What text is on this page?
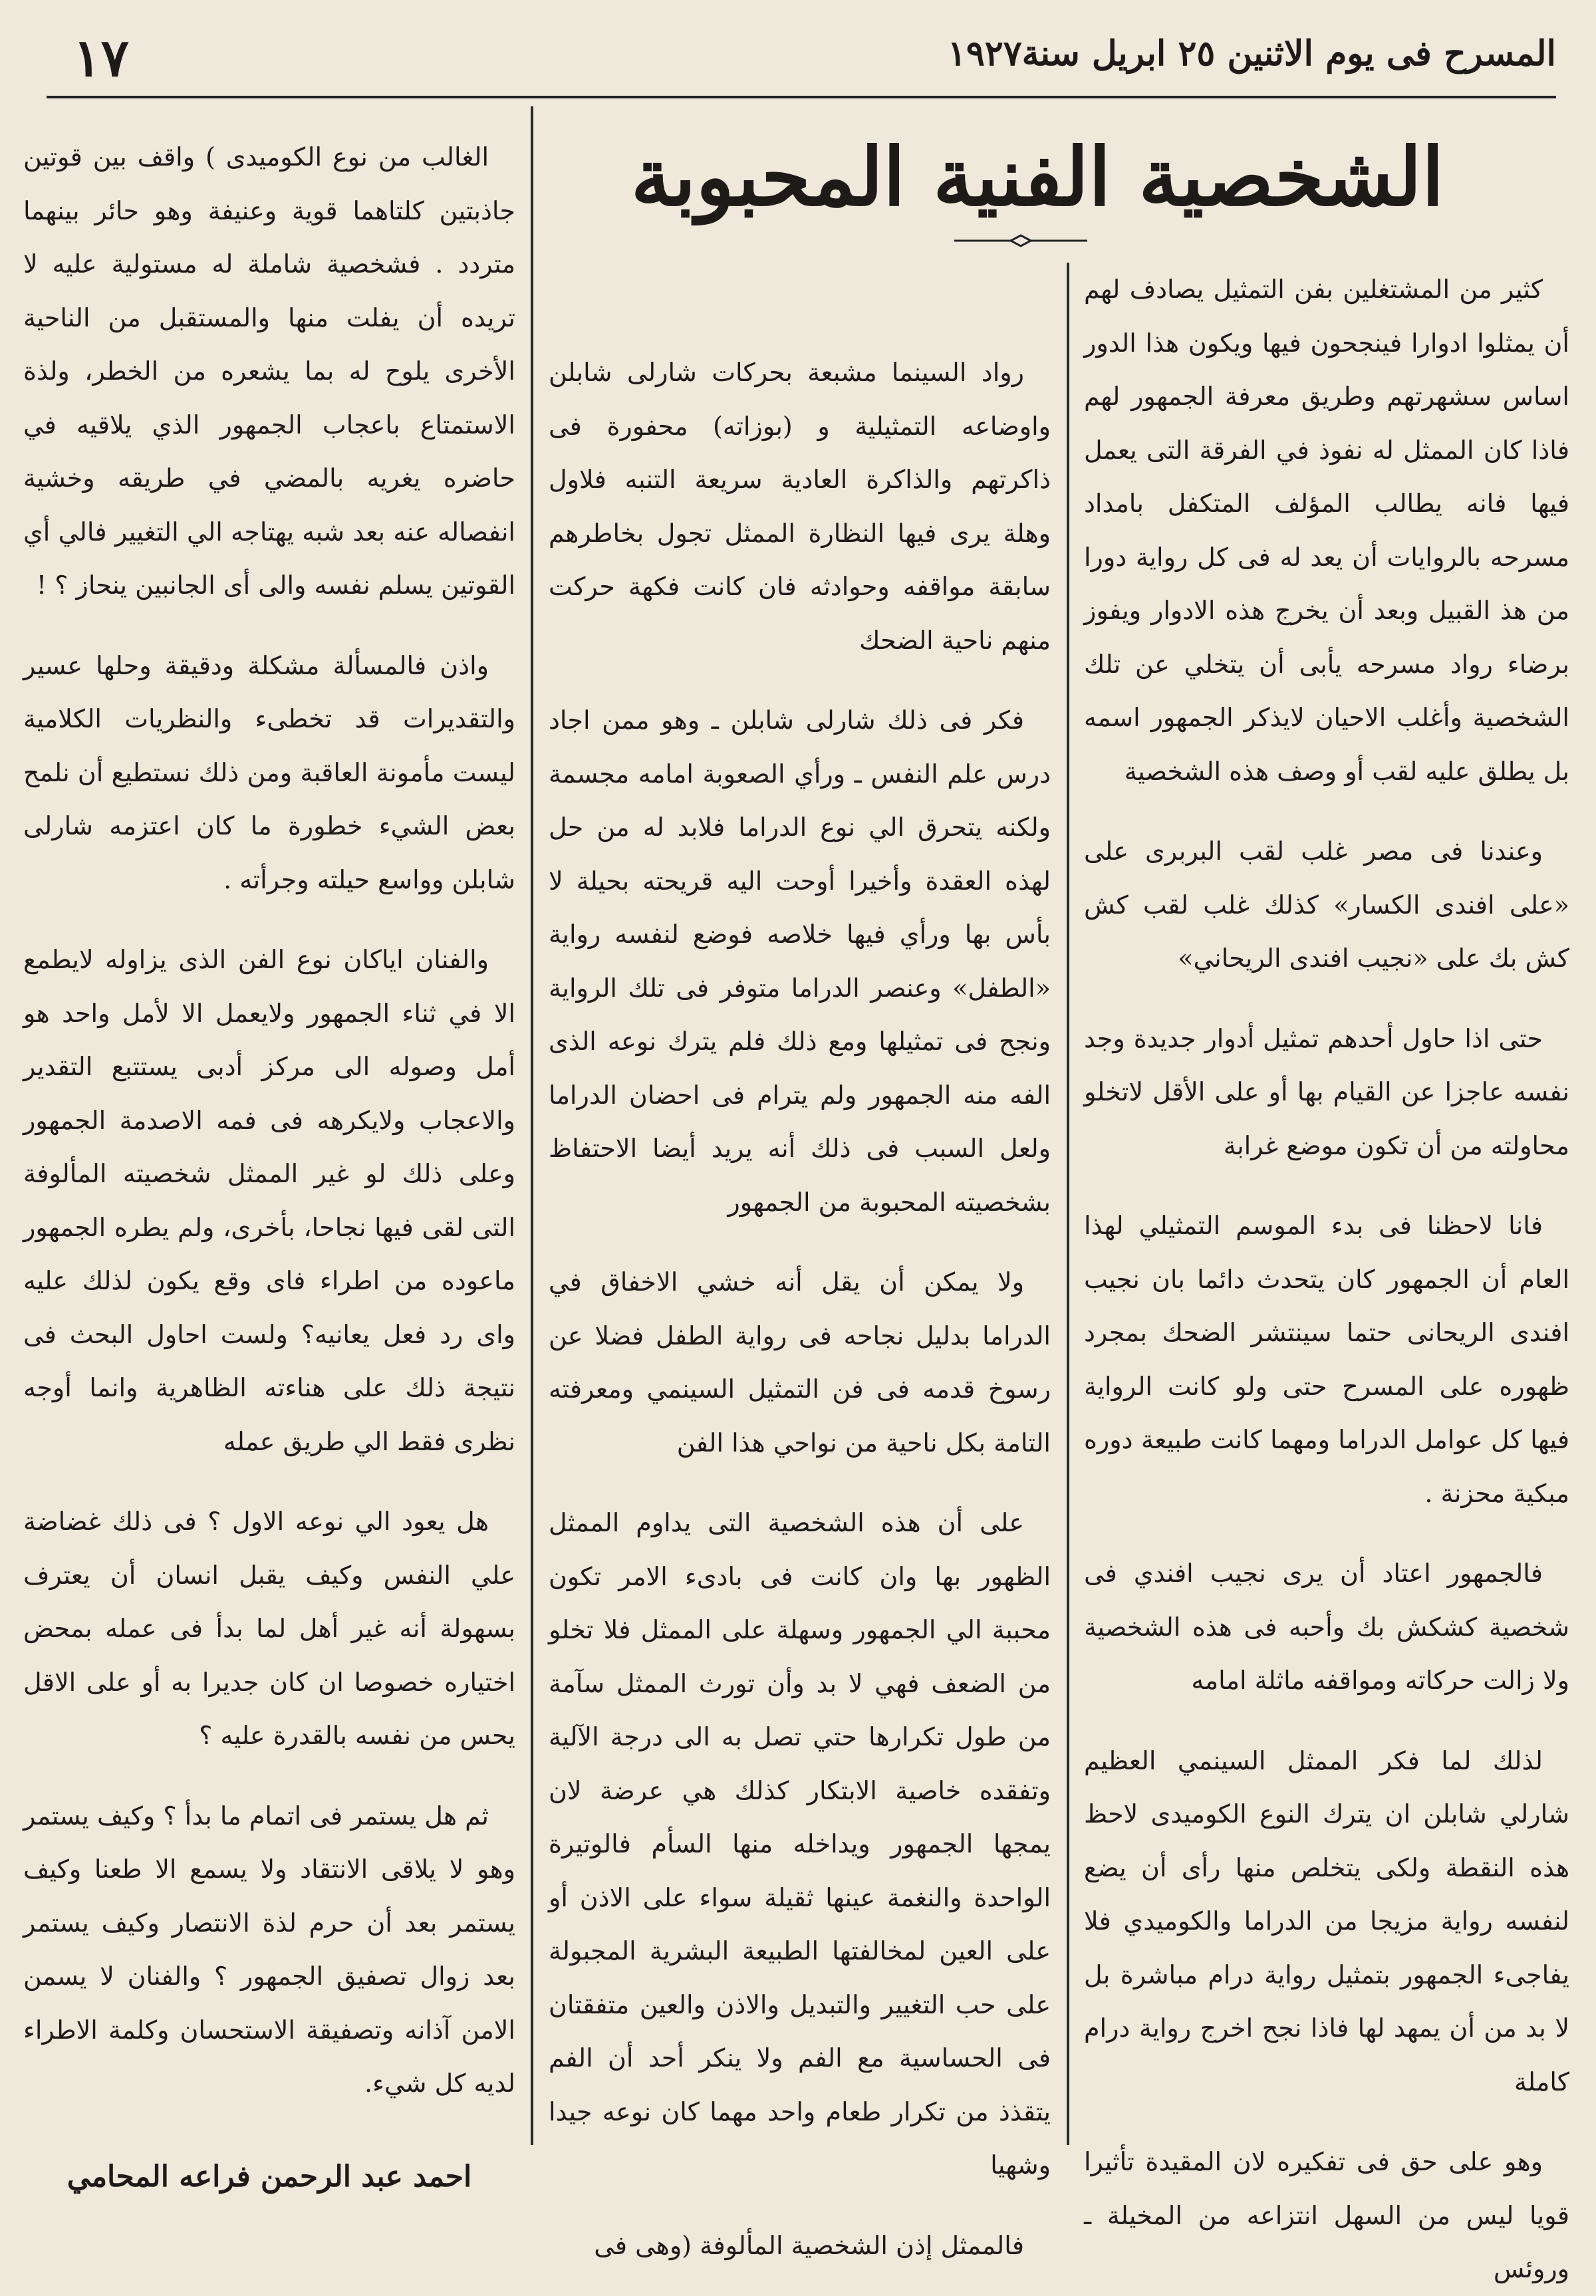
١٧	المسرح فى يوم الاثنين ٢٥ ابريل سنة١٩٢٧
الشخصية الفنية المحبوبة

كثير من المشتغلين بفن التمثيل يصادف لهم أن يمثلوا ادوارا فينجحون فيها ويكون هذا الدور اساس سشهرتهم وطريق معرفة الجمهور لهم فاذا كان الممثل له نفوذ في الفرقة التى يعمل فيها فانه يطالب المؤلف المتكفل بامداد مسرحه بالروايات أن يعد له فى كل رواية دورا من هذ القبيل وبعد أن يخرج هذه الادوار ويفوز برضاء رواد مسرحه يأبى أن يتخلي عن تلك الشخصية وأغلب الاحيان لايذكر الجمهور اسمه بل يطلق عليه لقب أو وصف هذه الشخصية

وعندنا فى مصر غلب لقب البربرى على «على افندى الكسار» كذلك غلب لقب كش كش بك على «نجيب افندى الريحاني»

حتى اذا حاول أحدهم تمثيل أدوار جديدة وجد نفسه عاجزا عن القيام بها أو على الأقل لاتخلو محاولته من أن تكون موضع غرابة

فانا لاحظنا فى بدء الموسم التمثيلي لهذا العام أن الجمهور كان يتحدث دائما بان نجيب افندى الريحانى حتما سينتشر الضحك بمجرد ظهوره على المسرح حتى ولو كانت الرواية فيها كل عوامل الدراما ومهما كانت طبيعة دوره مبكية محزنة .

فالجمهور اعتاد أن يرى نجيب افندي فى شخصية كشكش بك وأحبه فى هذه الشخصية ولا زالت حركاته ومواقفه ماثلة امامه

لذلك لما فكر الممثل السينمي العظيم شارلي شابلن ان يترك النوع الكوميدى لاحظ هذه النقطة ولكى يتخلص منها رأى أن يضع لنفسه رواية مزيجا من الدراما والكوميدي فلا يفاجىء الجمهور بتمثيل رواية درام مباشرة بل لا بد من أن يمهد لها فاذا نجح اخرج رواية درام كاملة

وهو على حق فى تفكيره لان المقيدة تأثيرا قويا ليس من السهل انتزاعه من المخيلة ـ وروئس

رواد السينما مشبعة بحركات شارلى شابلن واوضاعه التمثيلية و (بوزاته) محفورة فى ذاكرتهم والذاكرة العادية سريعة التنبه فلاول وهلة يرى فيها النظارة الممثل تجول بخاطرهم سابقة مواقفه وحوادثه فان كانت فكهة حركت منهم ناحية الضحك

فكر فى ذلك شارلى شابلن ـ وهو ممن اجاد درس علم النفس ـ ورأي الصعوبة امامه مجسمة ولكنه يتحرق الي نوع الدراما فلابد له من حل لهذه العقدة وأخيرا أوحت اليه قريحته بحيلة لا بأس بها ورأي فيها خلاصه فوضع لنفسه رواية «الطفل» وعنصر الدراما متوفر فى تلك الرواية ونجح فى تمثيلها ومع ذلك فلم يترك نوعه الذى الفه منه الجمهور ولم يترام فى احضان الدراما ولعل السبب فى ذلك أنه يريد أيضا الاحتفاظ بشخصيته المحبوبة من الجمهور

ولا يمكن أن يقل أنه خشي الاخفاق في الدراما بدليل نجاحه فى رواية الطفل فضلا عن رسوخ قدمه فى فن التمثيل السينمي ومعرفته التامة بكل ناحية من نواحي هذا الفن

على أن هذه الشخصية التى يداوم الممثل الظهور بها وان كانت فى بادىء الامر تكون محببة الي الجمهور وسهلة على الممثل فلا تخلو من الضعف فهي لا بد وأن تورث الممثل سآمة من طول تكرارها حتي تصل به الى درجة الآلية وتفقده خاصية الابتكار كذلك هي عرضة لان يمجها الجمهور ويداخله منها السأم فالوتيرة الواحدة والنغمة عينها ثقيلة سواء على الاذن أو على العين لمخالفتها الطبيعة البشرية المجبولة على حب التغيير والتبديل والاذن والعين متفقتان فى الحساسية مع الفم ولا ينكر أحد أن الفم يتقذذ من تكرار طعام واحد مهما كان نوعه جيدا وشهيا

فالممثل إذن الشخصية المألوفة (وهى فى

الغالب من نوع الكوميدى ) واقف بين قوتين جاذبتين كلتاهما قوية وعنيفة وهو حائر بينهما متردد . فشخصية شاملة له مستولية عليه لا تريده أن يفلت منها والمستقبل من الناحية الأخرى يلوح له بما يشعره من الخطر، ولذة الاستمتاع باعجاب الجمهور الذي يلاقيه في حاضره يغريه بالمضي في طريقه وخشية انفصاله عنه بعد شبه يهتاجه الي التغيير فالي أي القوتين يسلم نفسه والى أى الجانبين ينحاز ؟ !

واذن فالمسألة مشكلة ودقيقة وحلها عسير والتقديرات قد تخطىء والنظريات الكلامية ليست مأمونة العاقبة ومن ذلك نستطيع أن نلمح بعض الشيء خطورة ما كان اعتزمه شارلى شابلن وواسع حيلته وجرأته .

والفنان اياكان نوع الفن الذى يزاوله لايطمع الا في ثناء الجمهور ولايعمل الا لأمل واحد هو أمل وصوله الى مركز أدبى يستتبع التقدير والاعجاب ولايكرهه فى فمه الاصدمة الجمهور وعلى ذلك لو غير الممثل شخصيته المألوفة التى لقى فيها نجاحا، بأخرى، ولم يطره الجمهور ماعوده من اطراء فاى وقع يكون لذلك عليه واى رد فعل يعانيه؟ ولست احاول البحث فى نتيجة ذلك على هناءته الظاهرية وانما أوجه نظرى فقط الي طريق عمله

هل يعود الي نوعه الاول ؟ فى ذلك غضاضة علي النفس وكيف يقبل انسان أن يعترف بسهولة أنه غير أهل لما بدأ فى عمله بمحض اختياره خصوصا ان كان جديرا به أو على الاقل يحس من نفسه بالقدرة عليه ؟

ثم هل يستمر فى اتمام ما بدأ ؟ وكيف يستمر وهو لا يلاقى الانتقاد ولا يسمع الا طعنا وكيف يستمر بعد أن حرم لذة الانتصار وكيف يستمر بعد زوال تصفيق الجمهور ؟ والفنان لا يسمن الامن آذانه وتصفيقة الاستحسان وكلمة الاطراء لديه كل شيء.

احمد عبد الرحمن فراعه المحامي
